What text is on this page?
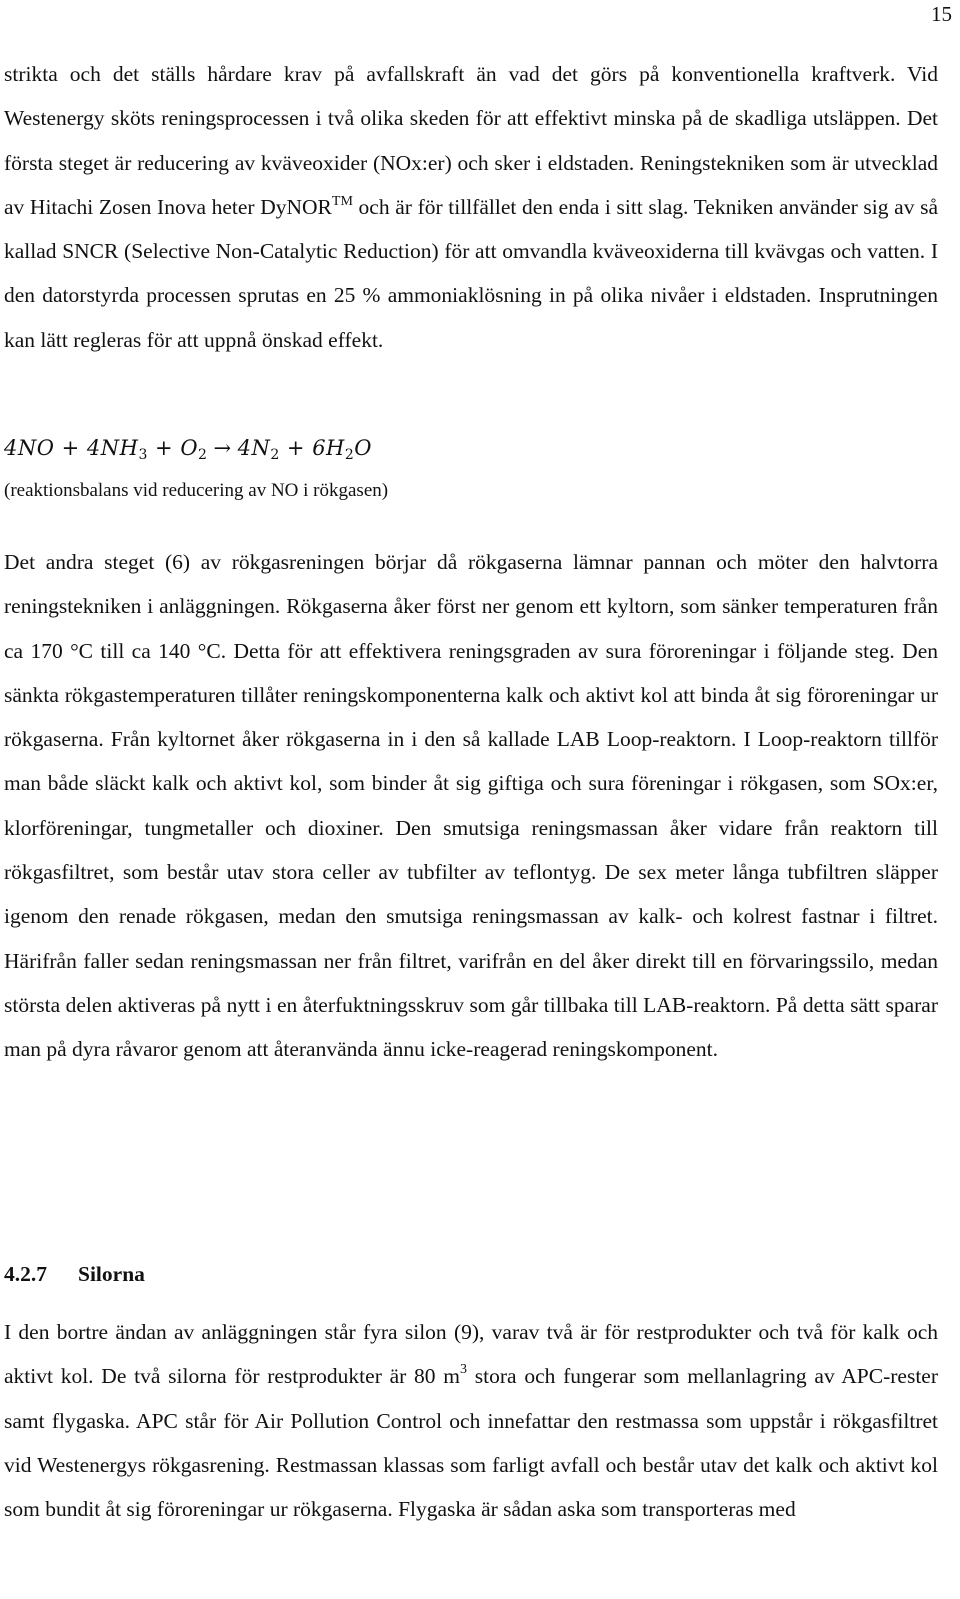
15
strikta och det ställs hårdare krav på avfallskraft än vad det görs på konventionella kraftverk. Vid Westenergy sköts reningsprocessen i två olika skeden för att effektivt minska på de skadliga utsläppen. Det första steget är reducering av kväveoxider (NOx:er) och sker i eldstaden. Reningstekniken som är utvecklad av Hitachi Zosen Inova heter DyNOR™ och är för tillfället den enda i sitt slag. Tekniken använder sig av så kallad SNCR (Selective Non-Catalytic Reduction) för att omvandla kväveoxiderna till kvävgas och vatten. I den datorstyrda processen sprutas en 25 % ammoniaklösning in på olika nivåer i eldstaden. Insprutningen kan lätt regleras för att uppnå önskad effekt.
$4NO + 4NH_3 + O_2 \to 4N_2 + 6H_2O$
(reaktionsbalans vid reducering av NO i rökgasen)
Det andra steget (6) av rökgasreningen börjar då rökgaserna lämnar pannan och möter den halvtorra reningstekniken i anläggningen. Rökgaserna åker först ner genom ett kyltorn, som sänker temperaturen från ca 170 °C till ca 140 °C. Detta för att effektivera reningsgraden av sura föroreningar i följande steg. Den sänkta rökgastemperaturen tillåter reningskomponenterna kalk och aktivt kol att binda åt sig föroreningar ur rökgaserna. Från kyltornet åker rökgaserna in i den så kallade LAB Loop-reaktorn. I Loop-reaktorn tillför man både släckt kalk och aktivt kol, som binder åt sig giftiga och sura föreningar i rökgasen, som SOx:er, klorföreningar, tungmetaller och dioxiner. Den smutsiga reningsmassan åker vidare från reaktorn till rökgasfiltret, som består utav stora celler av tubfilter av teflontyg. De sex meter långa tubfiltren släpper igenom den renade rökgasen, medan den smutsiga reningsmassan av kalk- och kolrest fastnar i filtret. Härifrån faller sedan reningsmassan ner från filtret, varifrån en del åker direkt till en förvaringssilo, medan största delen aktiveras på nytt i en återfuktningsskruv som går tillbaka till LAB-reaktorn. På detta sätt sparar man på dyra råvaror genom att återanvända ännu icke-reagerad reningskomponent.
4.2.7 Silorna
I den bortre ändan av anläggningen står fyra silon (9), varav två är för restprodukter och två för kalk och aktivt kol. De två silorna för restprodukter är 80 $m^3$ stora och fungerar som mellanlagring av APC-rester samt flygaska. APC står för Air Pollution Control och innefattar den restmassa som uppstår i rökgasfiltret vid Westenergys rökgasrening. Restmassan klassas som farligt avfall och består utav det kalk och aktivt kol som bundit åt sig föroreningar ur rökgaserna. Flygaska är sådan aska som transporteras med
